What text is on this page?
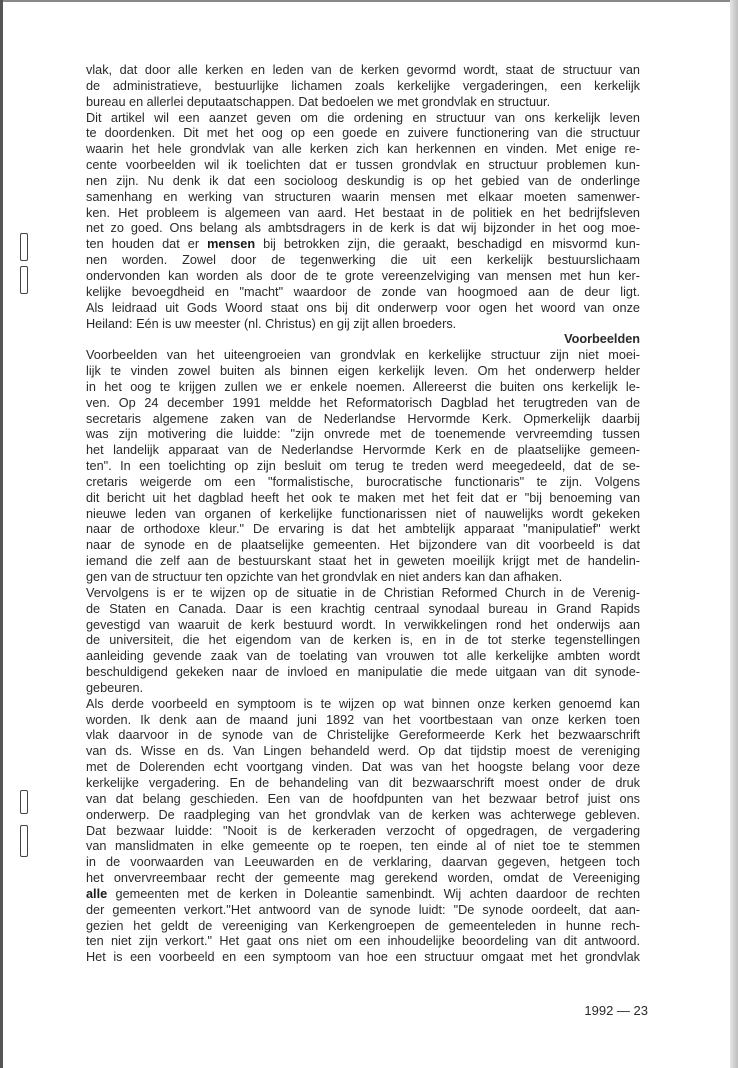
vlak, dat door alle kerken en leden van de kerken gevormd wordt, staat de structuur van
de administratieve, bestuurlijke lichamen zoals kerkelijke vergaderingen, een kerkelijk
bureau en allerlei deputaatschappen. Dat bedoelen we met grondvlak en structuur.
Dit artikel wil een aanzet geven om die ordening en structuur van ons kerkelijk leven
te doordenken. Dit met het oog op een goede en zuivere functionering van die structuur
waarin het hele grondvlak van alle kerken zich kan herkennen en vinden. Met enige re-
cente voorbeelden wil ik toelichten dat er tussen grondvlak en structuur problemen kun-
nen zijn. Nu denk ik dat een socioloog deskundig is op het gebied van de onderlinge
samenhang en werking van structuren waarin mensen met elkaar moeten samenwer-
ken. Het probleem is algemeen van aard. Het bestaat in de politiek en het bedrijfsleven
net zo goed. Ons belang als ambtsdragers in de kerk is dat wij bijzonder in het oog moe-
ten houden dat er mensen bij betrokken zijn, die geraakt, beschadigd en misvormd kun-
nen worden. Zowel door de tegenwerking die uit een kerkelijk bestuurslichaam
ondervonden kan worden als door de te grote vereenzelviging van mensen met hun ker-
kelijke bevoegdheid en "macht" waardoor de zonde van hoogmoed aan de deur ligt.
Als leidraad uit Gods Woord staat ons bij dit onderwerp voor ogen het woord van onze
Heiland: Eén is uw meester (nl. Christus) en gij zijt allen broeders.
Voorbeelden
Voorbeelden van het uiteengroeien van grondvlak en kerkelijke structuur zijn niet moei-
lijk te vinden zowel buiten als binnen eigen kerkelijk leven. Om het onderwerp helder
in het oog te krijgen zullen we er enkele noemen. Allereerst die buiten ons kerkelijk le-
ven. Op 24 december 1991 meldde het Reformatorisch Dagblad het terugtreden van de
secretaris algemene zaken van de Nederlandse Hervormde Kerk. Opmerkelijk daarbij
was zijn motivering die luidde: "zijn onvrede met de toenemende vervreemding tussen
het landelijk apparaat van de Nederlandse Hervormde Kerk en de plaatselijke gemeen-
ten". In een toelichting op zijn besluit om terug te treden werd meegedeeld, dat de se-
cretaris weigerde om een "formalistische, burocratische functionaris" te zijn. Volgens
dit bericht uit het dagblad heeft het ook te maken met het feit dat er "bij benoeming van
nieuwe leden van organen of kerkelijke functionarissen niet of nauwelijks wordt gekeken
naar de orthodoxe kleur." De ervaring is dat het ambtelijk apparaat "manipulatief" werkt
naar de synode en de plaatselijke gemeenten. Het bijzondere van dit voorbeeld is dat
iemand die zelf aan de bestuurskant staat het in geweten moeilijk krijgt met de handelin-
gen van de structuur ten opzichte van het grondvlak en niet anders kan dan afhaken.
Vervolgens is er te wijzen op de situatie in de Christian Reformed Church in de Verenig-
de Staten en Canada. Daar is een krachtig centraal synodaal bureau in Grand Rapids
gevestigd van waaruit de kerk bestuurd wordt. In verwikkelingen rond het onderwijs aan
de universiteit, die het eigendom van de kerken is, en in de tot sterke tegenstellingen
aanleiding gevende zaak van de toelating van vrouwen tot alle kerkelijke ambten wordt
beschuldigend gekeken naar de invloed en manipulatie die mede uitgaan van dit synode-
gebeuren.
Als derde voorbeeld en symptoom is te wijzen op wat binnen onze kerken genoemd kan
worden. Ik denk aan de maand juni 1892 van het voortbestaan van onze kerken toen
vlak daarvoor in de synode van de Christelijke Gereformeerde Kerk het bezwaarschrift
van ds. Wisse en ds. Van Lingen behandeld werd. Op dat tijdstip moest de vereniging
met de Dolerenden echt voortgang vinden. Dat was van het hoogste belang voor deze
kerkelijke vergadering. En de behandeling van dit bezwaarschrift moest onder de druk
van dat belang geschieden. Een van de hoofdpunten van het bezwaar betrof juist ons
onderwerp. De raadpleging van het grondvlak van de kerken was achterwege gebleven.
Dat bezwaar luidde: "Nooit is de kerkeraden verzocht of opgedragen, de vergadering
van manslidmaten in elke gemeente op te roepen, ten einde al of niet toe te stemmen
in de voorwaarden van Leeuwarden en de verklaring, daarvan gegeven, hetgeen toch
het onvervreembaar recht der gemeente mag gerekend worden, omdat de Vereeniging
alle gemeenten met de kerken in Doleantie samenbindt. Wij achten daardoor de rechten
der gemeenten verkort."Het antwoord van de synode luidt: "De synode oordeelt, dat aan-
gezien het geldt de vereeniging van Kerkengroepen de gemeenteleden in hunne rech-
ten niet zijn verkort." Het gaat ons niet om een inhoudelijke beoordeling van dit antwoord.
Het is een voorbeeld en een symptoom van hoe een structuur omgaat met het grondvlak
1992 — 23
